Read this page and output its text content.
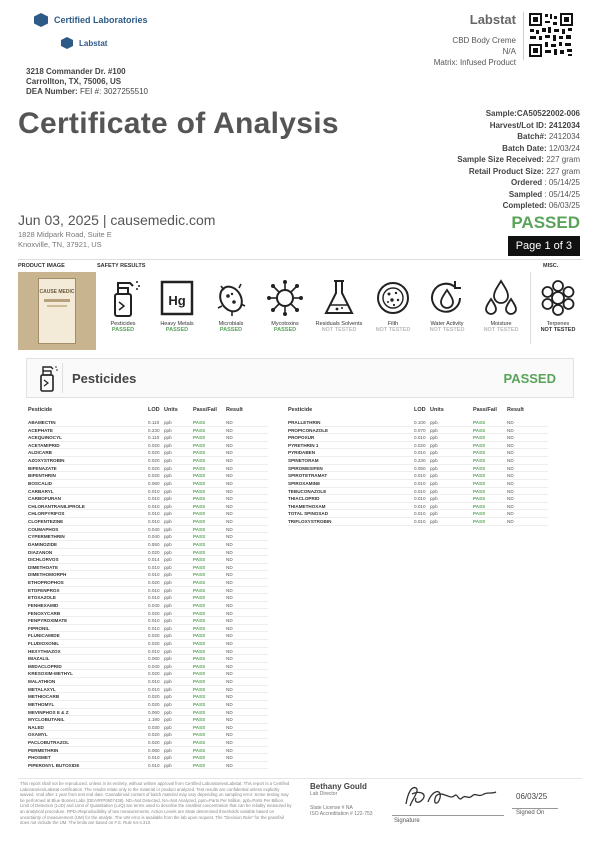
Certified Laboratories
Labstat
3218 Commander Dr. #100
Carrollton, TX, 75006, US
DEA Number: FEI #: 3027255510
Labstat
CBD Body Creme
N/A
Matrix: Infused Product
Certificate of Analysis	Sample:CA50522002-006
Harvest/Lot ID: 2412034
Batch#: 2412034
Batch Date: 12/03/24
Sample Size Received: 227 gram
Retail Product Size: 227 gram
Ordered : 05/14/25
Sampled : 05/14/25
Completed: 06/03/25
Jun 03, 2025 | causemedic.com
1828 Midpark Road, Suite E
Knoxville, TN, 37921, US
PASSED
Page 1 of 3
PRODUCT IMAGE	SAFETY RESULTS	MISC.
CAUSE MEDIC
Pesticides
PASSED
Hg
Heavy Metals
PASSED
Microbials
PASSED
Mycotoxins
PASSED
Residuals Solvents
NOT TESTED
Filth
NOT TESTED
Water Activity
NOT TESTED
Moisture
NOT TESTED
Terpenes
NOT TESTED
Pesticides	PASSED
Pesticide	LOD Units	Pass/Fail Result	Pesticide	LOD Units	Pass/Fail Result
ABAMECTIN	0.110 ppb	PASS	ND
ACEPHATE	0.230 ppb	PASS	ND
ACEQUINOCYL	0.110 ppb	PASS	ND
ACETAMIPRID	0.020 ppb	PASS	ND
ALDICARB	0.020 ppb	PASS	ND
AZOXYSTROBIN	0.020 ppb	PASS	ND
BIFENAZATE	0.020 ppb	PASS	ND
BIFENTHRIN	0.020 ppb	PASS	ND
BOSCALID	0.060 ppb	PASS	ND
CARBARYL	0.010 ppb	PASS	ND
CARBOFURAN	0.010 ppb	PASS	ND
CHLORANTRANILIPROLE	0.010 ppb	PASS	ND
CHLORPYRIFOS	0.010 ppb	PASS	ND
CLOFENTEZINE	0.010 ppb	PASS	ND
COUMAPHOS	0.040 ppb	PASS	ND
CYPERMETHRIN	0.040 ppb	PASS	ND
DAMINOZIDE	0.550 ppb	PASS	ND
DIAZANON	0.020 ppb	PASS	ND
DICHLORVOS	0.014 ppb	PASS	ND
DIMETHOATE	0.010 ppb	PASS	ND
DIMETHOMORPH	0.010 ppb	PASS	ND
ETHOPROPHOS	0.020 ppb	PASS	ND
ETOFENPROX	0.010 ppb	PASS	ND
ETOXAZOLE	0.010 ppb	PASS	ND
FENHEXAMID	0.040 ppb	PASS	ND
FENOXYCARB	0.020 ppb	PASS	ND
FENPYROXIMATE	0.010 ppb	PASS	ND
FIPRONIL	0.010 ppb	PASS	ND
FLUNICAMIDE	0.020 ppb	PASS	ND
FLUDIOXONIL	0.020 ppb	PASS	ND
HEXYTHIAZOX	0.010 ppb	PASS	ND
IMAZALIL	0.060 ppb	PASS	ND
IMIDACLOPRID	0.040 ppb	PASS	ND
KRESOXIM-METHYL	0.020 ppb	PASS	ND
MALATHION	0.010 ppb	PASS	ND
METALAXYL	0.010 ppb	PASS	ND
METHIOCARB	0.020 ppb	PASS	ND
METHOMYL	0.020 ppb	PASS	ND
MEVINPHOS E & Z	0.060 ppb	PASS	ND
MYCLOBUTANIL	1.190 ppb	PASS	ND
NALED	0.030 ppb	PASS	ND
OXAMYL	0.020 ppb	PASS	ND
PACLOBUTRAZOL	0.020 ppb	PASS	ND
PERMETHRIN	0.080 ppb	PASS	ND
PHOSMET	0.010 ppb	PASS	ND
PIPERONYL BUTOXIDE	0.010 ppb	PASS	ND
PRALLETHRIN	0.100 ppb	PASS	ND
PROPICONAZOLE	0.070 ppb	PASS	ND
PROPOXUR	0.010 ppb	PASS	ND
PYRETHRIN 1	0.020 ppb	PASS	ND
PYRIDABEN	0.010 ppb	PASS	ND
SPINETORAM	0.230 ppb	PASS	ND
SPIROMESIFEN	0.050 ppb	PASS	ND
SPIROTETRAMAT	0.010 ppb	PASS	ND
SPIROXAMINE	0.010 ppb	PASS	ND
TEBUCONAZOLE	0.010 ppb	PASS	ND
THIACLOPRID	0.010 ppb	PASS	ND
THIAMETHOXAM	0.010 ppb	PASS	ND
TOTAL SPINOSAD	0.010 ppb	PASS	ND
TRIFLOXYSTROBIN	0.010 ppb	PASS	ND
This report shall not be reproduced, unless in its entirety, without written approval from Certified Laboratories/Labstat. This report is a Certified Laboratories/Labstat certification. The results relate only to the material or product analyzed. Test results are confidential unless explicitly waived. Void after 1 year from test end date. Cannabinoid content of batch material may vary depending on sampling error. Some testing may be performed at Blue Bonnet Labs (DEA#RP0607438). ND=Not Detected, NA=Not Analyzed, ppm=Parts Per Million, ppb=Parts Per Billion. Limit of Detection (LoD) and Limit of Quantitation (LoQ) are terms used to describe the smallest concentration that can be reliably measured by an analytical procedure. RPD=Reproducibility of two measurements. Action Levels are State determined thresholds variable based on uncertainty of measurement (UM) for the analyte. The UM error is available from the lab upon request. The "Decision Rule" for the pass/fail does not include the UM. The limits are based on F.S. Rule 64-4.310.
Bethany Gould
Lab Director
State License # NA
ISO Accreditation # 122-753
Signature
06/03/25
Signed On
